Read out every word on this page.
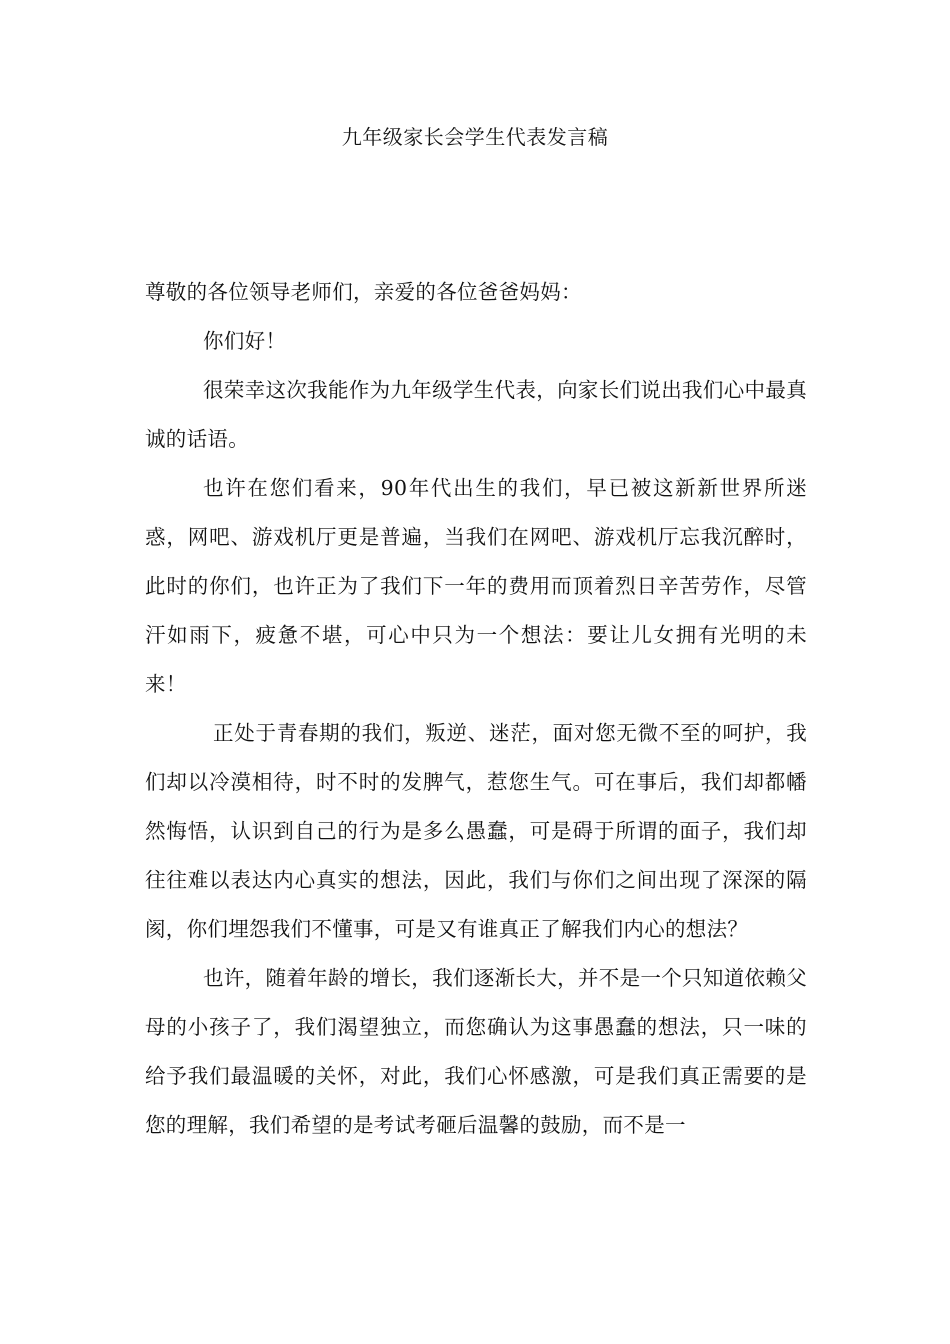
九年级家长会学生代表发言稿

尊敬的各位领导老师们，亲爱的各位爸爸妈妈：

你们好！

很荣幸这次我能作为九年级学生代表，向家长们说出我们心中最真诚的话语。

也许在您们看来，90年代出生的我们，早已被这新新世界所迷惑，网吧、游戏机厅更是普遍，当我们在网吧、游戏机厅忘我沉醉时，此时的你们，也许正为了我们下一年的费用而顶着烈日辛苦劳作，尽管汗如雨下，疲惫不堪，可心中只为一个想法：要让儿女拥有光明的未来！

正处于青春期的我们，叛逆、迷茫，面对您无微不至的呵护，我们却以冷漠相待，时不时的发脾气，惹您生气。可在事后，我们却都幡然悔悟，认识到自己的行为是多么愚蠢，可是碍于所谓的面子，我们却往往难以表达内心真实的想法，因此，我们与你们之间出现了深深的隔阂，你们埋怨我们不懂事，可是又有谁真正了解我们内心的想法？

也许，随着年龄的增长，我们逐渐长大，并不是一个只知道依赖父母的小孩子了，我们渴望独立，而您确认为这事愚蠢的想法，只一味的给予我们最温暖的关怀，对此，我们心怀感激，可是我们真正需要的是您的理解，我们希望的是考试考砸后温馨的鼓励，而不是一
